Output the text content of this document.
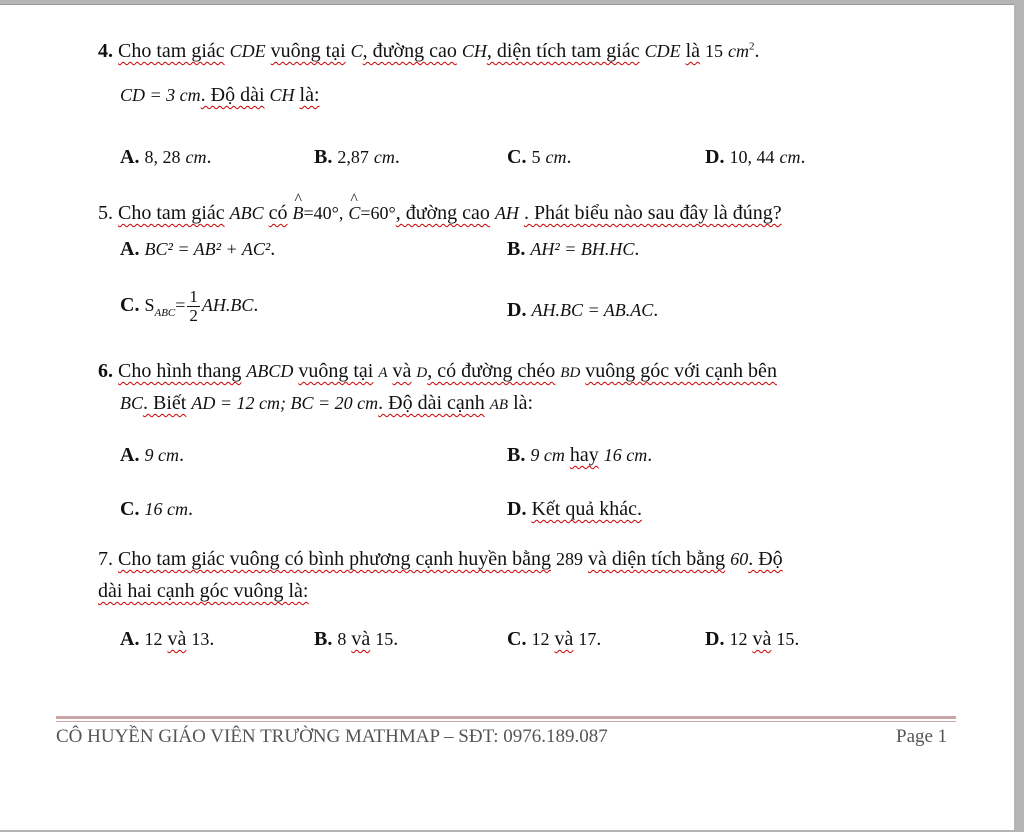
4. Cho tam giác CDE vuông tại C, đường cao CH, diện tích tam giác CDE là 15 $cm^2$.
CD = 3 cm. Độ dài CH là:
A. 8, 28 cm.	B. 2,87 cm.	C. 5 cm.	D. 10, 44 cm.
5. Cho tam giác ABC có ^ B=40°, ^ C=60°, đường cao AH . Phát biểu nào sau đây là đúng?
A. BC² = AB² + AC².	B. AH² = BH.HC.
C. $S_{ABC}= \frac{1}{2} AH.BC$.	D. AH.BC = AB.AC.
6. Cho hình thang ABCD vuông tại A và D, có đường chéo BD vuông góc với cạnh bên
BC. Biết AD = 12 cm; BC = 20 cm. Độ dài cạnh AB là:
A. 9 cm.	B. 9 cm hay 16 cm.
C. 16 cm.	D. Kết quả khác.
7. Cho tam giác vuông có bình phương cạnh huyền bằng 289 và diện tích bằng 60. Độ
dài hai cạnh góc vuông là:
A. 12 và 13.	B. 8 và 15.	C. 12 và 17.	D. 12 và 15.
CÔ HUYỀN GIÁO VIÊN TRƯỜNG MATHMAP – SĐT: 0976.189.087	Page 1
